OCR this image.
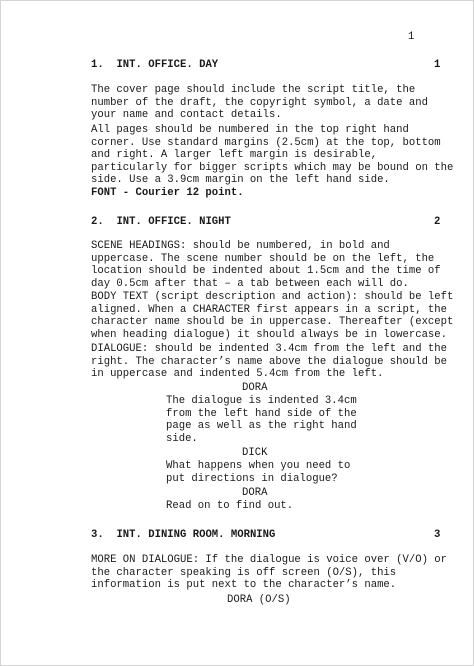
1
1. INT. OFFICE. DAY	1
The cover page should include the script title, the
number of the draft, the copyright symbol, a date and
your name and contact details.
All pages should be numbered in the top right hand
corner. Use standard margins (2.5cm) at the top, bottom
and right. A larger left margin is desirable,
particularly for bigger scripts which may be bound on the
side. Use a 3.9cm margin on the left hand side.
FONT - Courier 12 point.
2. INT. OFFICE. NIGHT	2
SCENE HEADINGS: should be numbered, in bold and
uppercase. The scene number should be on the left, the
location should be indented about 1.5cm and the time of
day 0.5cm after that – a tab between each will do.
BODY TEXT (script description and action): should be left
aligned. When a CHARACTER first appears in a script, the
character name should be in uppercase. Thereafter (except
when heading dialogue) it should always be in lowercase.
DIALOGUE: should be indented 3.4cm from the left and the
right. The character’s name above the dialogue should be
in uppercase and indented 5.4cm from the left.
DORA
The dialogue is indented 3.4cm
from the left hand side of the
page as well as the right hand
side.
DICK
What happens when you need to
put directions in dialogue?
DORA
Read on to find out.
3. INT. DINING ROOM. MORNING	3
MORE ON DIALOGUE: If the dialogue is voice over (V/O) or
the character speaking is off screen (O/S), this
information is put next to the character’s name.
DORA (O/S)
